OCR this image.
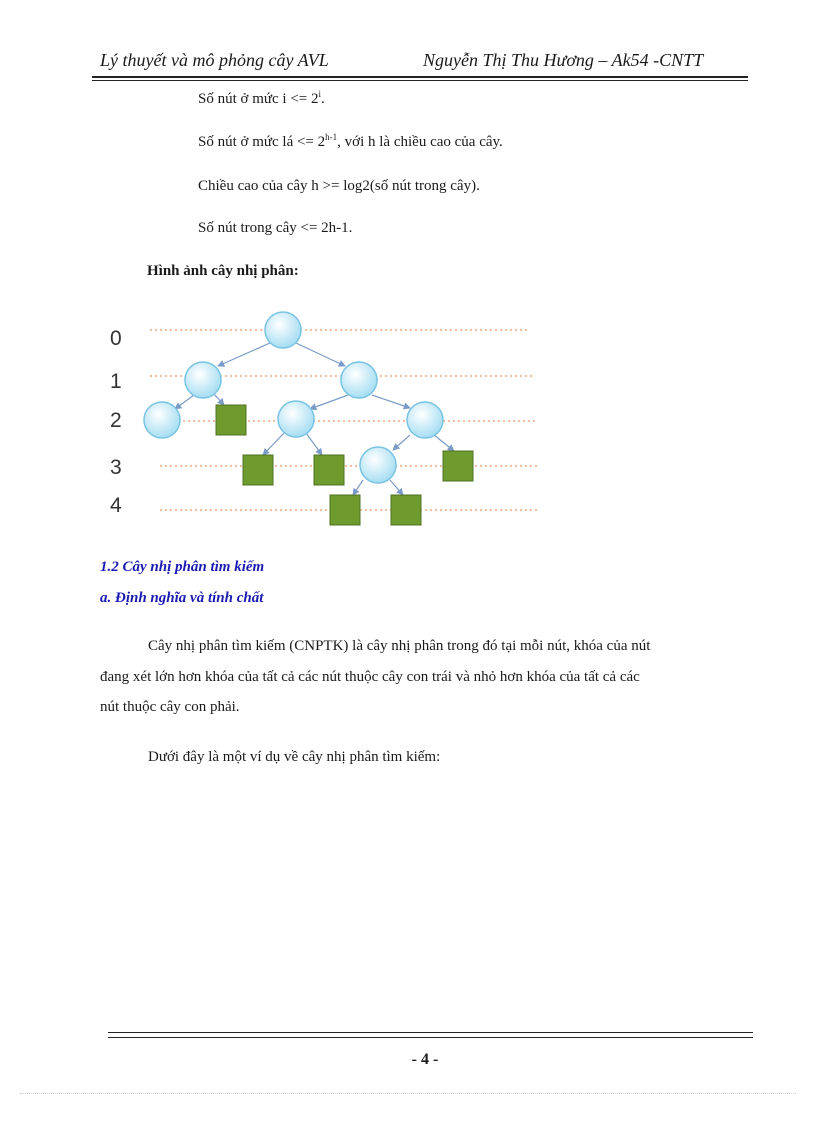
Lý thuyết và mô phỏng cây AVL	Nguyễn Thị Thu Hương – Ak54 -CNTT
Số nút ở mức $i <= 2^i$.
Số nút ở mức lá <= $2^{h-1}$, với h là chiều cao của cây.
Chiều cao của cây h >= log2(số nút trong cây).
Số nút trong cây <= 2h-1.
Hình ảnh cây nhị phân:
0
1
2
3
4
1.2 Cây nhị phân tìm kiếm
a. Định nghĩa và tính chất
Cây nhị phân tìm kiếm (CNPTK) là cây nhị phân trong đó tại mỗi nút, khóa của nút
đang xét lớn hơn khóa của tất cả các nút thuộc cây con trái và nhỏ hơn khóa của tất cả các
nút thuộc cây con phải.
Dưới đây là một ví dụ về cây nhị phân tìm kiếm:
- 4 -
